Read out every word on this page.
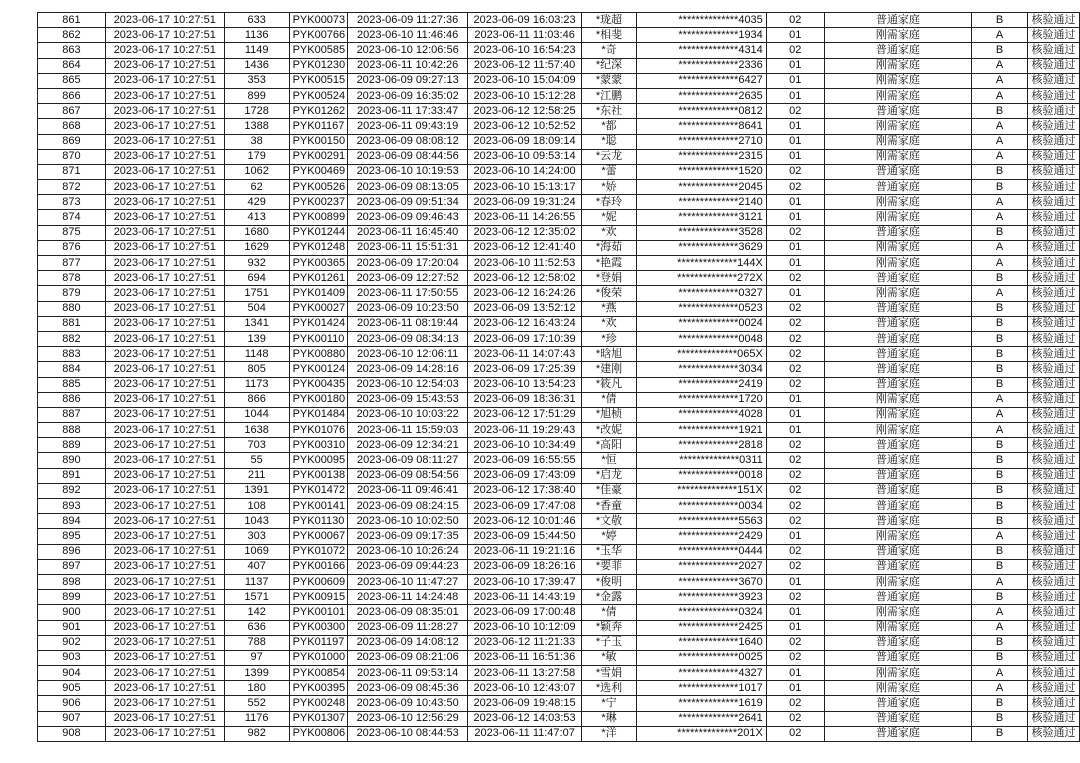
861	2023-06-17 10:27:51	633	PYK00073	2023-06-09 11:27:36	2023-06-09 16:03:23	*珑超	**************4035	02	普通家庭	B	核验通过
862	2023-06-17 10:27:51	1136	PYK00766	2023-06-10 11:46:46	2023-06-11 11:03:46	*相斐	**************1934	01	刚需家庭	A	核验通过
863	2023-06-17 10:27:51	1149	PYK00585	2023-06-10 12:06:56	2023-06-10 16:54:23	*奇	**************4314	02	普通家庭	B	核验通过
864	2023-06-17 10:27:51	1436	PYK01230	2023-06-11 10:42:26	2023-06-12 11:57:40	*纪深	**************2336	01	刚需家庭	A	核验通过
865	2023-06-17 10:27:51	353	PYK00515	2023-06-09 09:27:13	2023-06-10 15:04:09	*蒙蒙	**************6427	01	刚需家庭	A	核验通过
866	2023-06-17 10:27:51	899	PYK00524	2023-06-09 16:35:02	2023-06-10 15:12:28	*江鹏	**************2635	01	刚需家庭	A	核验通过
867	2023-06-17 10:27:51	1728	PYK01262	2023-06-11 17:33:47	2023-06-12 12:58:25	*东社	**************0812	02	普通家庭	B	核验通过
868	2023-06-17 10:27:51	1388	PYK01167	2023-06-11 09:43:19	2023-06-12 10:52:52	*都	**************8641	01	刚需家庭	A	核验通过
869	2023-06-17 10:27:51	38	PYK00150	2023-06-09 08:08:12	2023-06-09 18:09:14	*聪	**************2710	01	刚需家庭	A	核验通过
870	2023-06-17 10:27:51	179	PYK00291	2023-06-09 08:44:56	2023-06-10 09:53:14	*云龙	**************2315	01	刚需家庭	A	核验通过
871	2023-06-17 10:27:51	1062	PYK00469	2023-06-10 10:19:53	2023-06-10 14:24:00	*蕾	**************1520	02	普通家庭	B	核验通过
872	2023-06-17 10:27:51	62	PYK00526	2023-06-09 08:13:05	2023-06-10 15:13:17	*娇	**************2045	02	普通家庭	B	核验通过
873	2023-06-17 10:27:51	429	PYK00237	2023-06-09 09:51:34	2023-06-09 19:31:24	*春玲	**************2140	01	刚需家庭	A	核验通过
874	2023-06-17 10:27:51	413	PYK00899	2023-06-09 09:46:43	2023-06-11 14:26:55	*妮	**************3121	01	刚需家庭	A	核验通过
875	2023-06-17 10:27:51	1680	PYK01244	2023-06-11 16:45:40	2023-06-12 12:35:02	*欢	**************3528	02	普通家庭	B	核验通过
876	2023-06-17 10:27:51	1629	PYK01248	2023-06-11 15:51:31	2023-06-12 12:41:40	*海茹	**************3629	01	刚需家庭	A	核验通过
877	2023-06-17 10:27:51	932	PYK00365	2023-06-09 17:20:04	2023-06-10 11:52:53	*艳霞	**************144X	01	刚需家庭	A	核验通过
878	2023-06-17 10:27:51	694	PYK01261	2023-06-09 12:27:52	2023-06-12 12:58:02	*登娟	**************272X	02	普通家庭	B	核验通过
879	2023-06-17 10:27:51	1751	PYK01409	2023-06-11 17:50:55	2023-06-12 16:24:26	*俊荣	**************0327	01	刚需家庭	A	核验通过
880	2023-06-17 10:27:51	504	PYK00027	2023-06-09 10:23:50	2023-06-09 13:52:12	*燕	**************0523	02	普通家庭	B	核验通过
881	2023-06-17 10:27:51	1341	PYK01424	2023-06-11 08:19:44	2023-06-12 16:43:24	*欢	**************0024	02	普通家庭	B	核验通过
882	2023-06-17 10:27:51	139	PYK00110	2023-06-09 08:34:13	2023-06-09 17:10:39	*珍	**************0048	02	普通家庭	B	核验通过
883	2023-06-17 10:27:51	1148	PYK00880	2023-06-10 12:06:11	2023-06-11 14:07:43	*晗旭	**************065X	02	普通家庭	B	核验通过
884	2023-06-17 10:27:51	805	PYK00124	2023-06-09 14:28:16	2023-06-09 17:25:39	*建刚	**************3034	02	普通家庭	B	核验通过
885	2023-06-17 10:27:51	1173	PYK00435	2023-06-10 12:54:03	2023-06-10 13:54:23	*筱凡	**************2419	02	普通家庭	B	核验通过
886	2023-06-17 10:27:51	866	PYK00180	2023-06-09 15:43:53	2023-06-09 18:36:31	*倩	**************1720	01	刚需家庭	A	核验通过
887	2023-06-17 10:27:51	1044	PYK01484	2023-06-10 10:03:22	2023-06-12 17:51:29	*旭桢	**************4028	01	刚需家庭	A	核验通过
888	2023-06-17 10:27:51	1638	PYK01076	2023-06-11 15:59:03	2023-06-11 19:29:43	*改妮	**************1921	01	刚需家庭	A	核验通过
889	2023-06-17 10:27:51	703	PYK00310	2023-06-09 12:34:21	2023-06-10 10:34:49	*高阳	**************2818	02	普通家庭	B	核验通过
890	2023-06-17 10:27:51	55	PYK00095	2023-06-09 08:11:27	2023-06-09 16:55:55	*恒	**************0311	02	普通家庭	B	核验通过
891	2023-06-17 10:27:51	211	PYK00138	2023-06-09 08:54:56	2023-06-09 17:43:09	*启龙	**************0018	02	普通家庭	B	核验通过
892	2023-06-17 10:27:51	1391	PYK01472	2023-06-11 09:46:41	2023-06-12 17:38:40	*佳豪	**************151X	02	普通家庭	B	核验通过
893	2023-06-17 10:27:51	108	PYK00141	2023-06-09 08:24:15	2023-06-09 17:47:08	*香童	**************0034	02	普通家庭	B	核验通过
894	2023-06-17 10:27:51	1043	PYK01130	2023-06-10 10:02:50	2023-06-12 10:01:46	*文敬	**************5563	02	普通家庭	B	核验通过
895	2023-06-17 10:27:51	303	PYK00067	2023-06-09 09:17:35	2023-06-09 15:44:50	*婷	**************2429	01	刚需家庭	A	核验通过
896	2023-06-17 10:27:51	1069	PYK01072	2023-06-10 10:26:24	2023-06-11 19:21:16	*玉华	**************0444	02	普通家庭	B	核验通过
897	2023-06-17 10:27:51	407	PYK00166	2023-06-09 09:44:23	2023-06-09 18:26:16	*要菲	**************2027	02	普通家庭	B	核验通过
898	2023-06-17 10:27:51	1137	PYK00609	2023-06-10 11:47:27	2023-06-10 17:39:47	*俊明	**************3670	01	刚需家庭	A	核验通过
899	2023-06-17 10:27:51	1571	PYK00915	2023-06-11 14:24:48	2023-06-11 14:43:19	*金露	**************3923	02	普通家庭	B	核验通过
900	2023-06-17 10:27:51	142	PYK00101	2023-06-09 08:35:01	2023-06-09 17:00:48	*倩	**************0324	01	刚需家庭	A	核验通过
901	2023-06-17 10:27:51	636	PYK00300	2023-06-09 11:28:27	2023-06-10 10:12:09	*颖奔	**************2425	01	刚需家庭	A	核验通过
902	2023-06-17 10:27:51	788	PYK01197	2023-06-09 14:08:12	2023-06-12 11:21:33	*子玉	**************1640	02	普通家庭	B	核验通过
903	2023-06-17 10:27:51	97	PYK01000	2023-06-09 08:21:06	2023-06-11 16:51:36	*敏	**************0025	02	普通家庭	B	核验通过
904	2023-06-17 10:27:51	1399	PYK00854	2023-06-11 09:53:14	2023-06-11 13:27:58	*雪娟	**************4327	01	刚需家庭	A	核验通过
905	2023-06-17 10:27:51	180	PYK00395	2023-06-09 08:45:36	2023-06-10 12:43:07	*选利	**************1017	01	刚需家庭	A	核验通过
906	2023-06-17 10:27:51	552	PYK00248	2023-06-09 10:43:50	2023-06-09 19:48:15	*宁	**************1619	02	普通家庭	B	核验通过
907	2023-06-17 10:27:51	1176	PYK01307	2023-06-10 12:56:29	2023-06-12 14:03:53	*琳	**************2641	02	普通家庭	B	核验通过
908	2023-06-17 10:27:51	982	PYK00806	2023-06-10 08:44:53	2023-06-11 11:47:07	*洋	**************201X	02	普通家庭	B	核验通过
